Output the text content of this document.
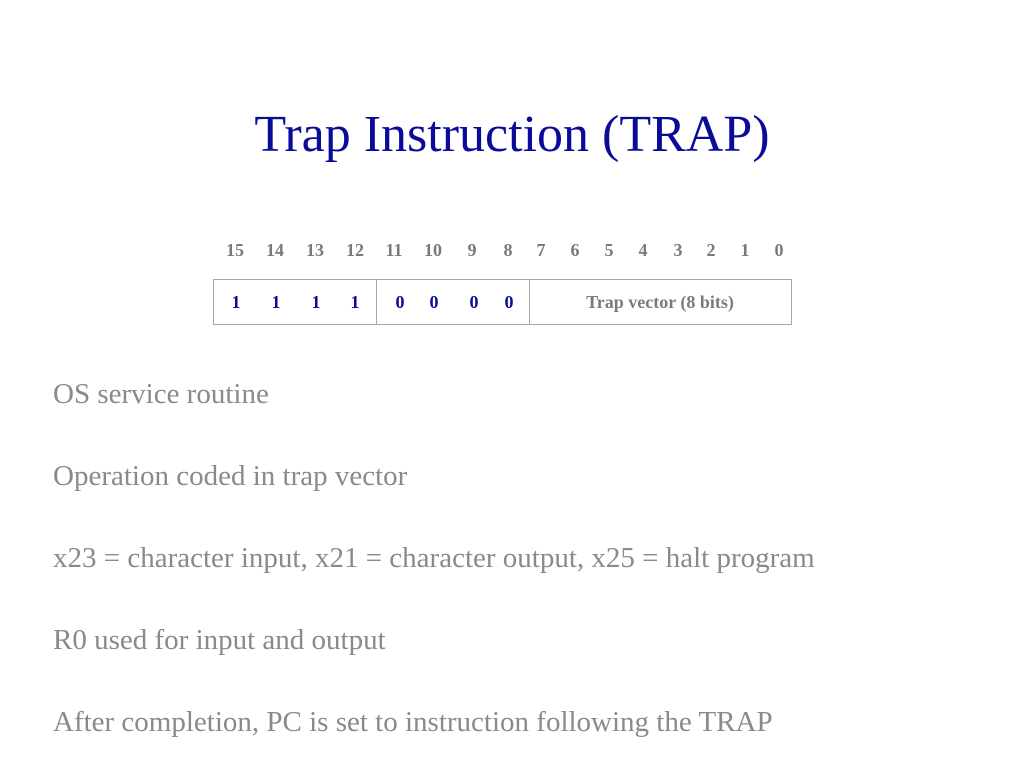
Trap Instruction (TRAP)
15	14	13	12	11	10	9	8	7	6	5	4	3	2	1	0
1	1	1	1	0	0	0	0	Trap vector (8 bits)
OS service routine
Operation coded in trap vector
x23 = character input, x21 = character output, x25 = halt program
R0 used for input and output
After completion, PC is set to instruction following the TRAP
